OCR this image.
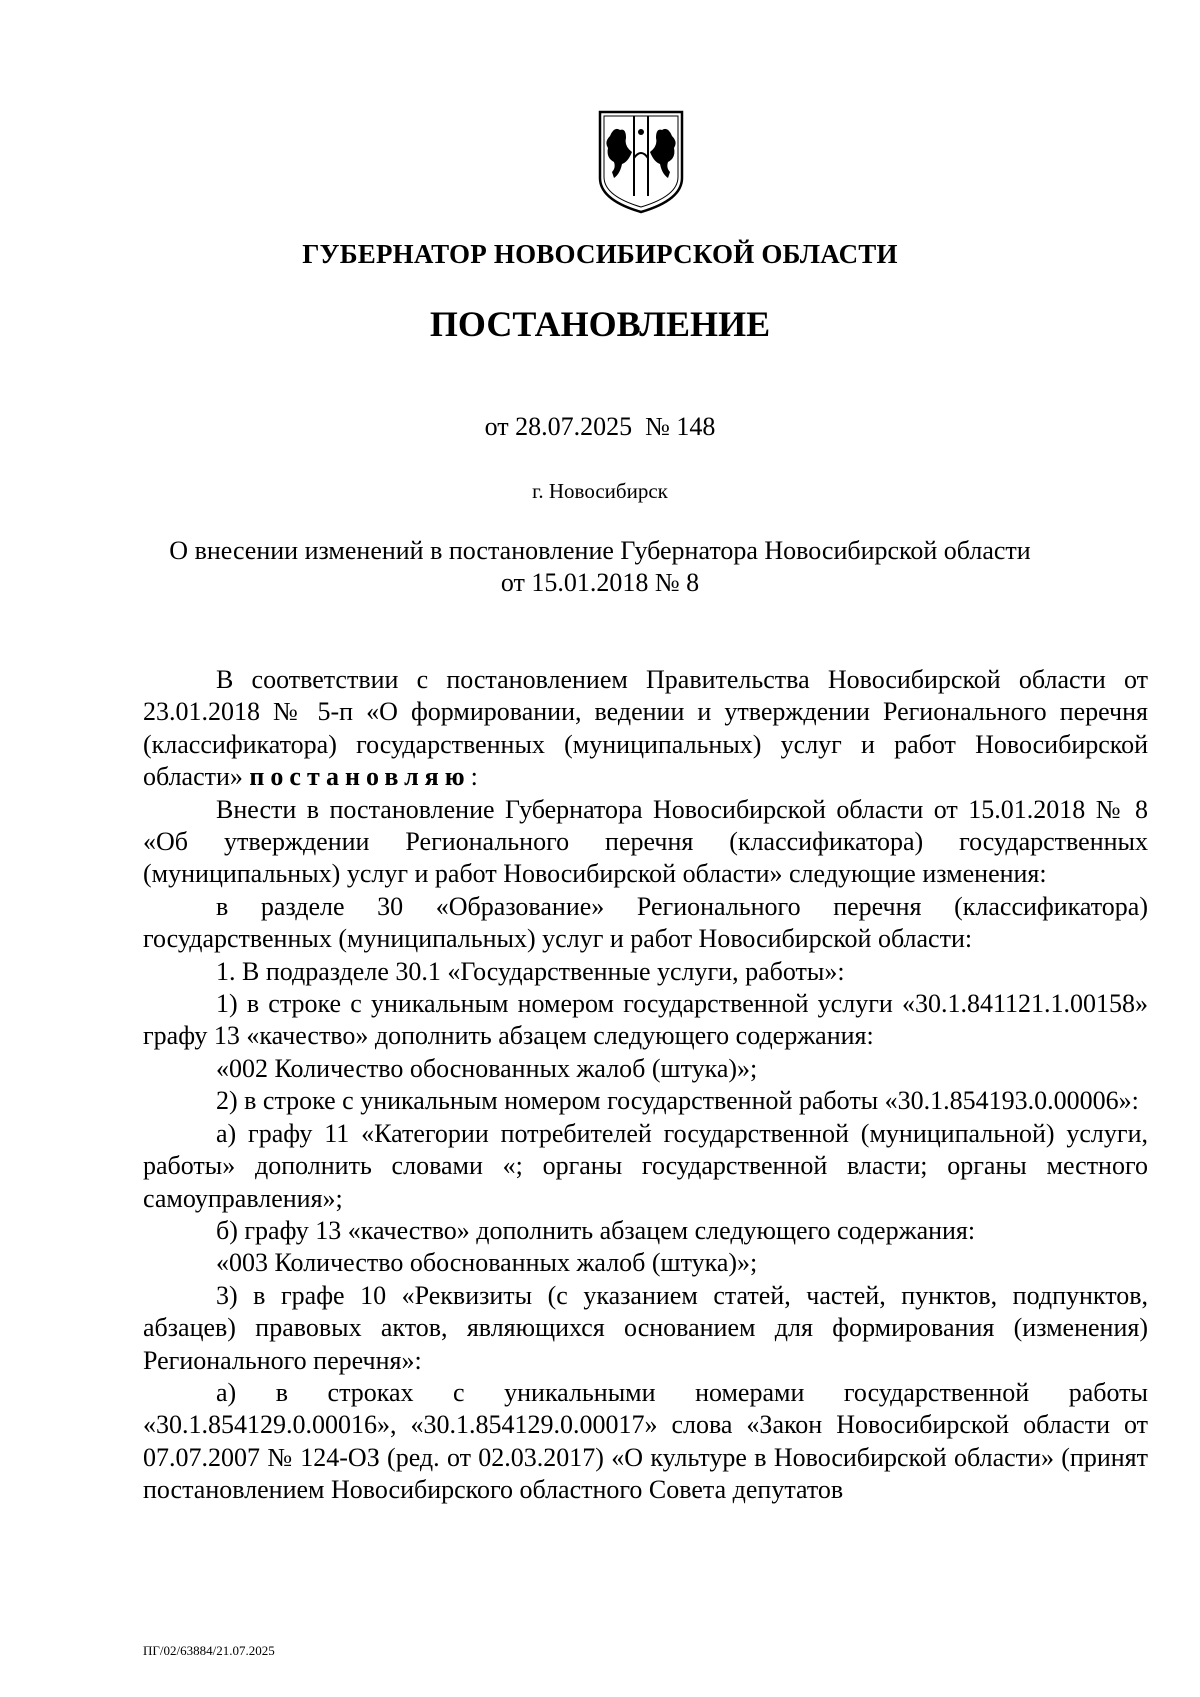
ГУБЕРНАТОР НОВОСИБИРСКОЙ ОБЛАСТИ
ПОСТАНОВЛЕНИЕ
от 28.07.2025  № 148
г. Новосибирск
О внесении изменений в постановление Губернатора Новосибирской области
от 15.01.2018 № 8

В соответствии с постановлением Правительства Новосибирской области от 23.01.2018 № 5-п «О формировании, ведении и утверждении Регионального перечня (классификатора) государственных (муниципальных) услуг и работ Новосибирской области» постановляю:

Внести в постановление Губернатора Новосибирской области от 15.01.2018 № 8 «Об утверждении Регионального перечня (классификатора) государственных (муниципальных) услуг и работ Новосибирской области» следующие изменения:

в разделе 30 «Образование» Регионального перечня (классификатора) государственных (муниципальных) услуг и работ Новосибирской области:

1. В подразделе 30.1 «Государственные услуги, работы»:

1) в строке с уникальным номером государственной услуги «30.1.841121.1.00158» графу 13 «качество» дополнить абзацем следующего содержания:

«002 Количество обоснованных жалоб (штука)»;

2) в строке с уникальным номером государственной работы «30.1.854193.0.00006»:

а) графу 11 «Категории потребителей государственной (муниципальной) услуги, работы» дополнить словами «; органы государственной власти; органы местного самоуправления»;

б) графу 13 «качество» дополнить абзацем следующего содержания:

«003 Количество обоснованных жалоб (штука)»;

3) в графе 10 «Реквизиты (с указанием статей, частей, пунктов, подпунктов, абзацев) правовых актов, являющихся основанием для формирования (изменения) Регионального перечня»:

а) в строках с уникальными номерами государственной работы «30.1.854129.0.00016», «30.1.854129.0.00017» слова «Закон Новосибирской области от 07.07.2007 № 124-ОЗ (ред. от 02.03.2017) «О культуре в Новосибирской области» (принят постановлением Новосибирского областного Совета депутатов

ПГ/02/63884/21.07.2025
